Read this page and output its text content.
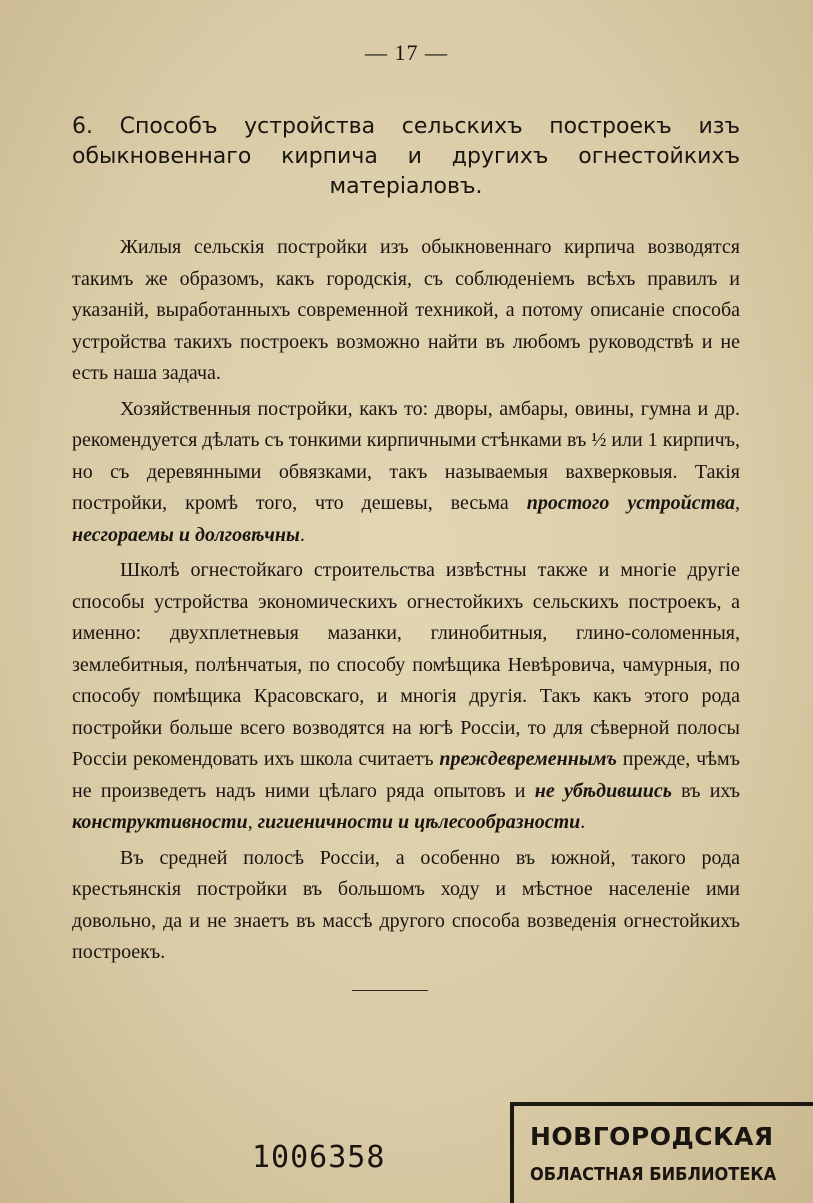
— 17 —
6. Способъ устройства сельскихъ построекъ изъ обыкновеннаго кирпича и другихъ огнестойкихъ матеріаловъ.

Жилыя сельскія постройки изъ обыкновеннаго кирпича возводятся такимъ же образомъ, какъ городскія, съ соблюденіемъ всѣхъ правилъ и указаній, выработанныхъ современной техникой, а потому описаніе способа устройства такихъ построекъ возможно найти въ любомъ руководствѣ и не есть наша задача.

Хозяйственныя постройки, какъ то: дворы, амбары, овины, гумна и др. рекомендуется дѣлать съ тонкими кирпичными стѣнками въ ½ или 1 кирпичъ, но съ деревянными обвязками, такъ называемыя вахверковыя. Такія постройки, кромѣ того, что дешевы, весьма простого устройства, несгораемы и долговѣчны.

Школѣ огнестойкаго строительства извѣстны также и многіе другіе способы устройства экономическихъ огнестойкихъ сельскихъ построекъ, а именно: двухплетневыя мазанки, глинобитныя, глино-соломенныя, землебитныя, полѣнчатыя, по способу помѣщика Невѣровича, чамурныя, по способу помѣщика Красовскаго, и многія другія. Такъ какъ этого рода постройки больше всего возводятся на югѣ Россіи, то для сѣверной полосы Россіи рекомендовать ихъ школа считаетъ преждевременнымъ прежде, чѣмъ не произведетъ надъ ними цѣлаго ряда опытовъ и не убѣдившись въ ихъ конструктивности, гигиеничности и цѣлесообразности.

Въ средней полосѣ Россіи, а особенно въ южной, такого рода крестьянскія постройки въ большомъ ходу и мѣстное населеніе ими довольно, да и не знаетъ въ массѣ другого способа возведенія огнестойкихъ построекъ.

1006358
НОВГОРОДСКАЯ
ОБЛАСТНАЯ БИБЛИОТЕКА
